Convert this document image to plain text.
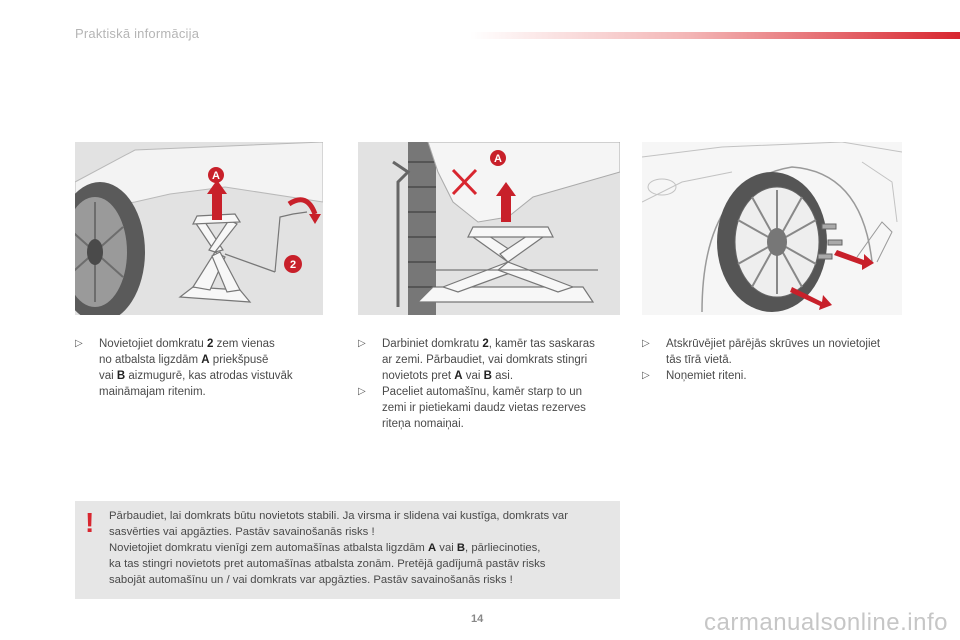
Praktiskā informācija
A
2
A

▷ Novietojiet domkratu 2 zem vienas
no atbalsta ligzdām A priekšpusē
vai B aizmugurē, kas atrodas vistuvāk
maināmajam ritenim.

▷ Darbiniet domkratu 2, kamēr tas saskaras
ar zemi. Pārbaudiet, vai domkrats stingri
novietots pret A vai B asi.

▷ Paceliet automašīnu, kamēr starp to un
zemi ir pietiekami daudz vietas rezerves
riteņa nomaiņai.

▷ Atskrūvējiet pārējās skrūves un novietojiet
tās tīrā vietā.

▷ Noņemiet riteni.

! Pārbaudiet, lai domkrats būtu novietots stabili. Ja virsma ir slidena vai kustīga, domkrats var

sasvērties vai apgāzties. Pastāv savainošanās risks !

Novietojiet domkratu vienīgi zem automašīnas atbalsta ligzdām A vai B, pārliecinoties,

ka tas stingri novietots pret automašīnas atbalsta zonām. Pretējā gadījumā pastāv risks

sabojāt automašīnu un / vai domkrats var apgāzties. Pastāv savainošanās risks !

14	carmanualsonline.info
